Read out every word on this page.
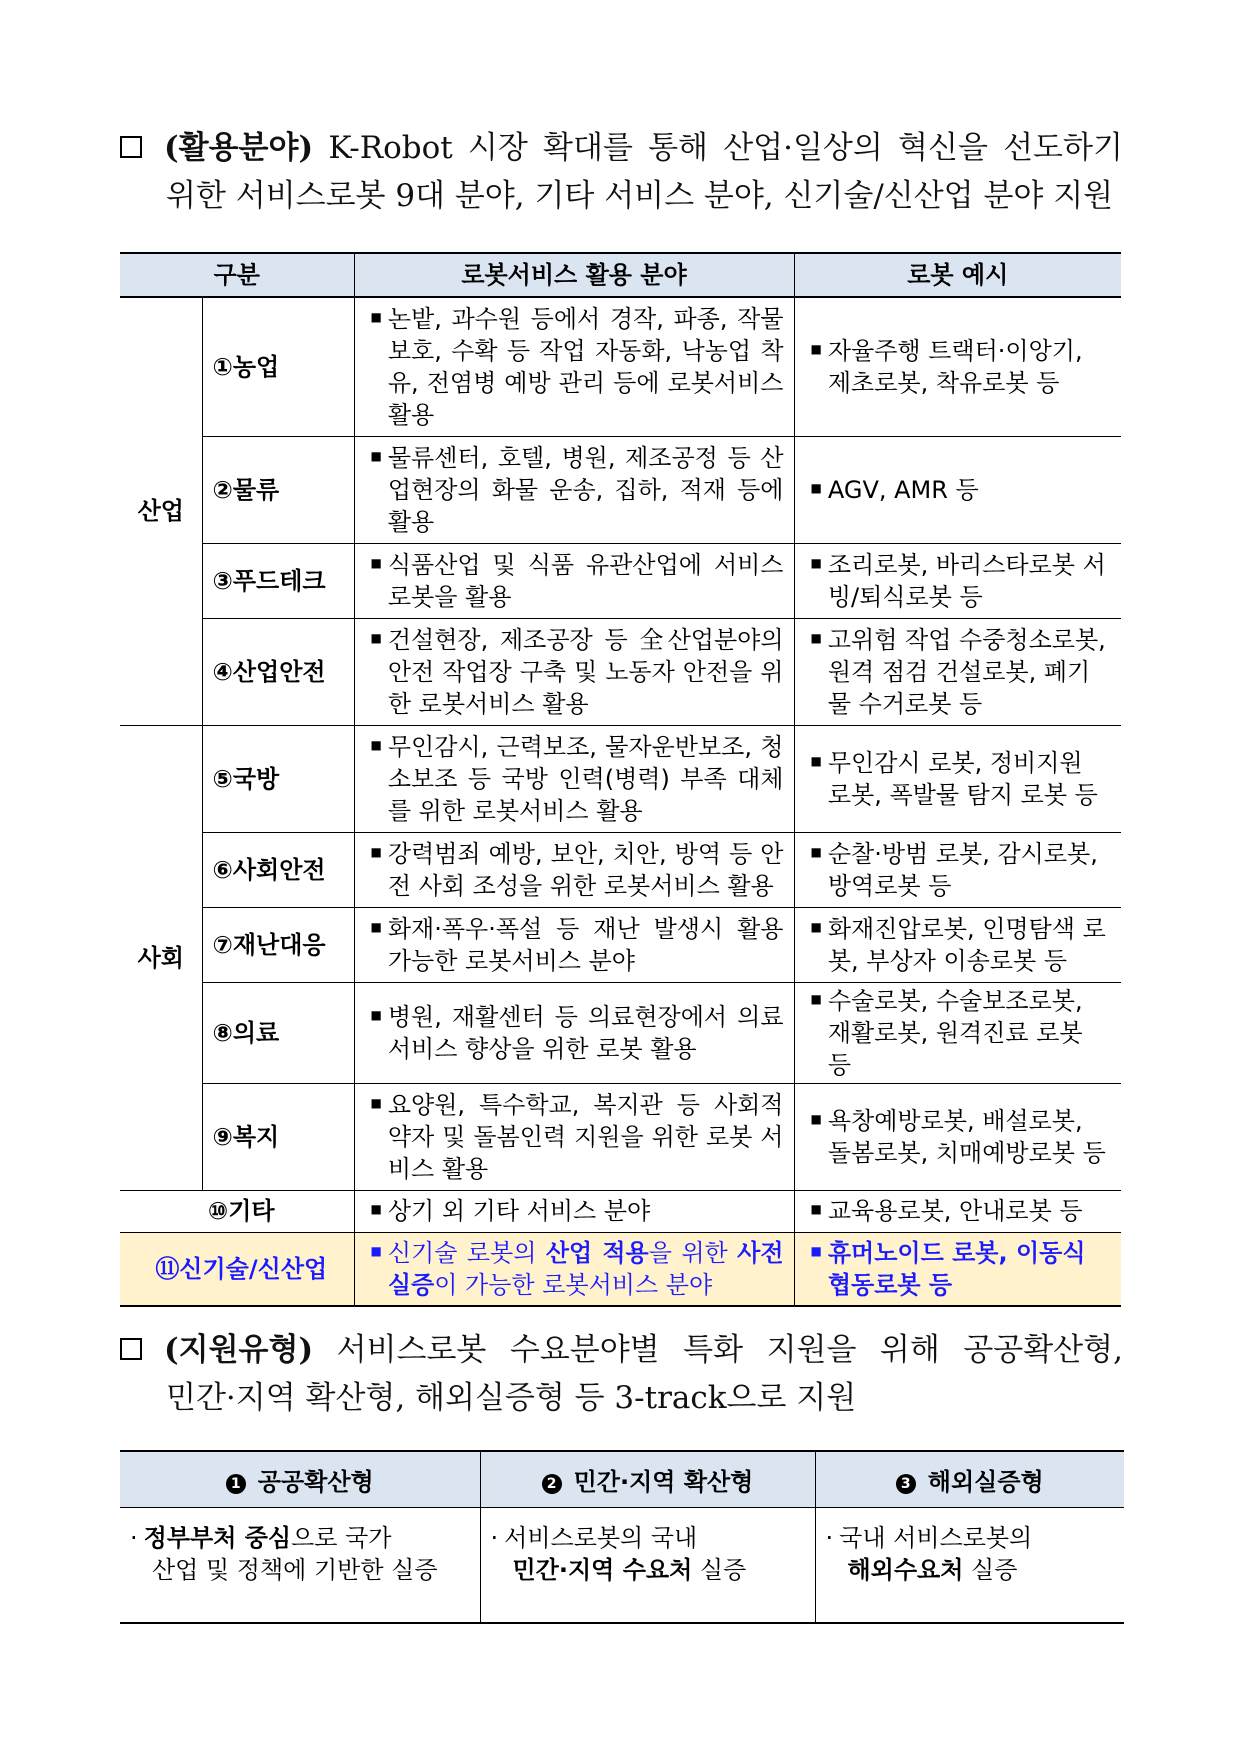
(활용분야) K-Robot 시장 확대를 통해 산업·일상의 혁신을 선도하기
위한 서비스로봇 9대 분야, 기타 서비스 분야, 신기술/신산업 분야 지원
구분		로봇서비스 활용 분야	로봇 예시
산업	①농업	■ 논밭, 과수원 등에서 경작, 파종, 작물보호, 수확 등 작업 자동화, 낙농업 착유, 전염병 예방 관리 등에 로봇서비스 활용	■ 자율주행 트랙터·이앙기, 제초로봇, 착유로봇 등

	②물류	■ 물류센터, 호텔, 병원, 제조공정 등 산업현장의 화물 운송, 집하, 적재 등에 활용	■ AGV, AMR 등

	③푸드테크	■ 식품산업 및 식품 유관산업에 서비스 로봇을 활용	■ 조리로봇, 바리스타로봇 서빙/퇴식로봇 등

	④산업안전	■ 건설현장, 제조공장 등 全산업분야의 안전 작업장 구축 및 노동자 안전을 위한 로봇서비스 활용	■ 고위험 작업 수중청소로봇, 원격 점검 건설로봇, 폐기물 수거로봇 등

사회	⑤국방	■ 무인감시, 근력보조, 물자운반보조, 청소보조 등 국방 인력(병력) 부족 대체를 위한 로봇서비스 활용	■ 무인감시 로봇, 정비지원 로봇, 폭발물 탐지 로봇 등

	⑥사회안전	■ 강력범죄 예방, 보안, 치안, 방역 등 안전 사회 조성을 위한 로봇서비스 활용	■ 순찰·방범 로봇, 감시로봇, 방역로봇 등

	⑦재난대응	■ 화재·폭우·폭설 등 재난 발생시 활용 가능한 로봇서비스 분야	■ 화재진압로봇, 인명탐색 로봇, 부상자 이송로봇 등

	⑧의료	■ 병원, 재활센터 등 의료현장에서 의료서비스 향상을 위한 로봇 활용	■ 수술로봇, 수술보조로봇, 재활로봇, 원격진료 로봇 등

	⑨복지	■ 요양원, 특수학교, 복지관 등 사회적 약자 및 돌봄인력 지원을 위한 로봇 서비스 활용	■ 욕창예방로봇, 배설로봇, 돌봄로봇, 치매예방로봇 등

⑩기타		■ 상기 외 기타 서비스 분야	■ 교육용로봇, 안내로봇 등

⑪신기술/신산업		■ 신기술 로봇의 산업 적용을 위한 사전실증이 가능한 로봇서비스 분야	■ 휴머노이드 로봇, 이동식 협동로봇 등
(지원유형) 서비스로봇 수요분야별 특화 지원을 위해 공공확산형,
민간·지역 확산형, 해외실증형 등 3-track으로 지원
1 공공확산형	2 민간·지역 확산형	3 해외실증형
· 정부부처 중심으로 국가
산업 및 정책에 기반한 실증	· 서비스로봇의 국내
민간·지역 수요처 실증	· 국내 서비스로봇의
해외수요처 실증
